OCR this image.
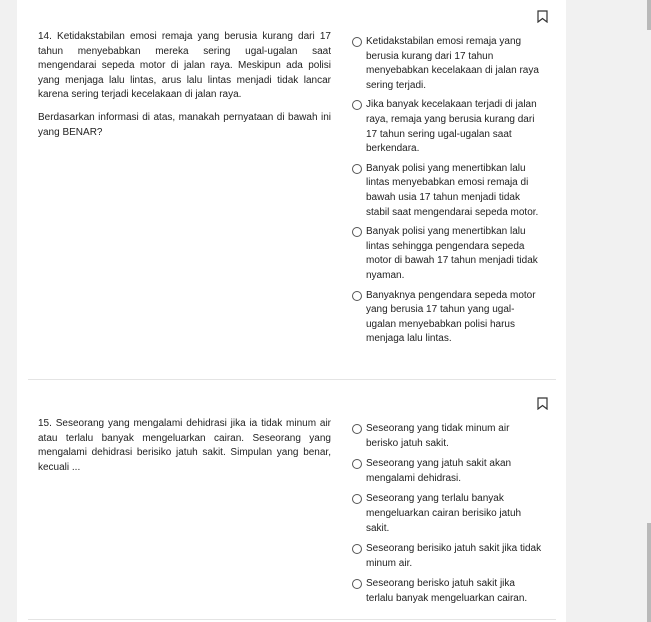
14. Ketidakstabilan emosi remaja yang berusia kurang dari 17 tahun menyebabkan mereka sering ugal-ugalan saat mengendarai sepeda motor di jalan raya. Meskipun ada polisi yang menjaga lalu lintas, arus lalu lintas menjadi tidak lancar karena sering terjadi kecelakaan di jalan raya.

Berdasarkan informasi di atas, manakah pernyataan di bawah ini yang BENAR?

Ketidakstabilan emosi remaja yang berusia kurang dari 17 tahun menyebabkan kecelakaan di jalan raya sering terjadi.
Jika banyak kecelakaan terjadi di jalan raya, remaja yang berusia kurang dari 17 tahun sering ugal-ugalan saat berkendara.
Banyak polisi yang menertibkan lalu lintas menyebabkan emosi remaja di bawah usia 17 tahun menjadi tidak stabil saat mengendarai sepeda motor.
Banyak polisi yang menertibkan lalu lintas sehingga pengendara sepeda motor di bawah 17 tahun menjadi tidak nyaman.
Banyaknya pengendara sepeda motor yang berusia 17 tahun yang ugal-ugalan menyebabkan polisi harus menjaga lalu lintas.

15. Seseorang yang mengalami dehidrasi jika ia tidak minum air atau terlalu banyak mengeluarkan cairan. Seseorang yang mengalami dehidrasi berisiko jatuh sakit. Simpulan yang benar, kecuali ...

Seseorang yang tidak minum air berisko jatuh sakit.
Seseorang yang jatuh sakit akan mengalami dehidrasi.
Seseorang yang terlalu banyak mengeluarkan cairan berisiko jatuh sakit.
Seseorang berisiko jatuh sakit jika tidak minum air.
Seseorang berisko jatuh sakit jika terlalu banyak mengeluarkan cairan.
